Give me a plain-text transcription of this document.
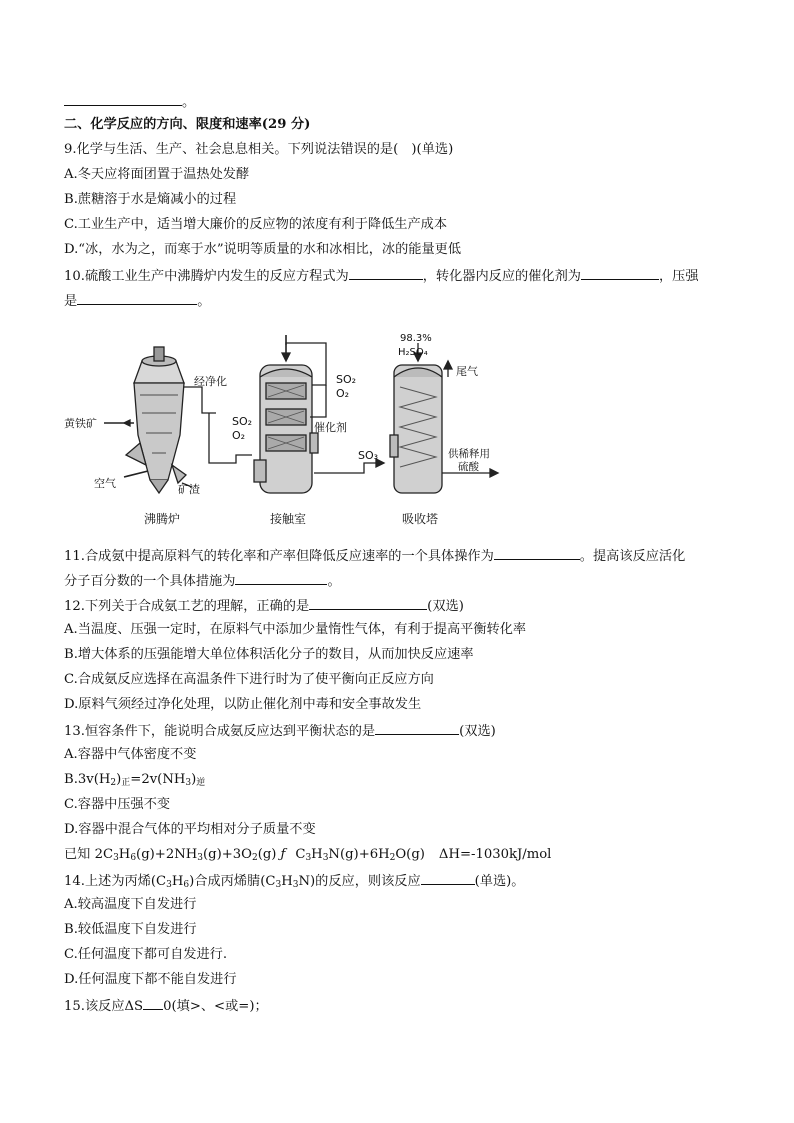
。
二、化学反应的方向、限度和速率(29 分)
9.化学与生活、生产、社会息息相关。下列说法错误的是(　)(单选)
A.冬天应将面团置于温热处发酵
B.蔗糖溶于水是熵减小的过程
C.工业生产中，适当增大廉价的反应物的浓度有利于降低生产成本
D.“冰，水为之，而寒于水”说明等质量的水和冰相比，冰的能量更低
10.硫酸工业生产中沸腾炉内发生的反应方程式为	，转化器内反应的催化剂为	，压强
是	。
黄铁矿
空气	矿渣
经净化
SO₂
O₂
SO₂
O₂
催化剂
SO₃
98.3%
H₂SO₄
尾气
供稀释用
硫酸
沸腾炉	接触室	吸收塔
11.合成氨中提高原料气的转化率和产率但降低反应速率的一个具体操作为	。提高该反应活化
分子百分数的一个具体措施为	。
12.下列关于合成氨工艺的理解，正确的是	(双选)
A.当温度、压强一定时，在原料气中添加少量惰性气体，有利于提高平衡转化率
B.增大体系的压强能增大单位体积活化分子的数目，从而加快反应速率
C.合成氨反应选择在高温条件下进行时为了使平衡向正反应方向
D.原料气须经过净化处理，以防止催化剂中毒和安全事故发生
13.恒容条件下，能说明合成氨反应达到平衡状态的是	(双选)
A.容器中气体密度不变
$B.3v(H_2)_正=2v(NH_3)_逆$
C.容器中压强不变
D.容器中混合气体的平均相对分子质量不变
已知 $2C_3H_6(g)+2NH_3(g)+3O_2(g)$ ƒ $C_3H_3N(g)+6H_2O(g)$ ΔH=-1030kJ/mol
14.上述为丙烯$(C_3H_6)$合成丙烯腈$(C_3H_3N)$的反应，则该反应	(单选)。
A.较高温度下自发进行
B.较低温度下自发进行
C.任何温度下都可自发进行.
D.任何温度下都不能自发进行
15.该反应ΔS 0(填>、<或=)；
